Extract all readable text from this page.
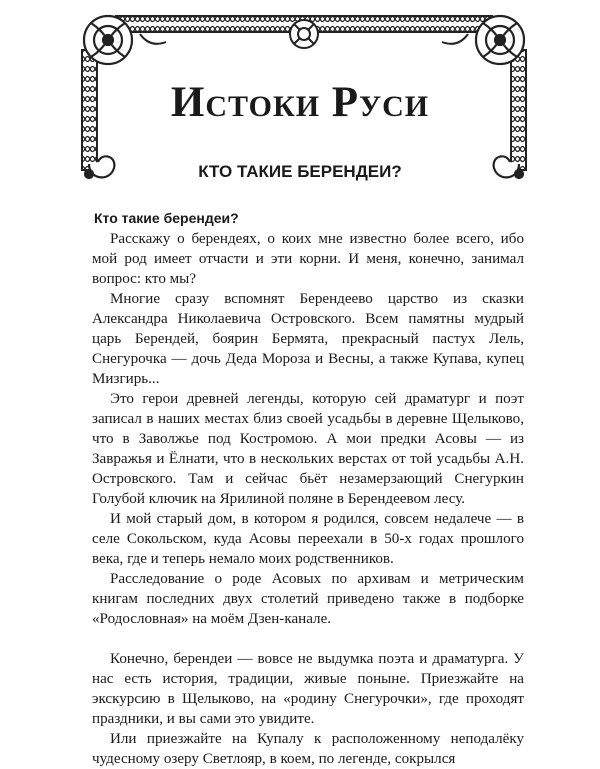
Истоки Руси
КТО ТАКИЕ БЕРЕНДЕИ?

Кто такие берендеи?

Расскажу о берендеях, о коих мне известно более всего, ибо мой род имеет отчасти и эти корни. И меня, конечно, занимал вопрос: кто мы?

Многие сразу вспомнят Берендеево царство из сказки Александра Николаевича Островского. Всем памятны мудрый царь Берендей, боярин Бермята, прекрасный пастух Лель, Снегурочка — дочь Деда Мороза и Весны, а также Купава, купец Мизгирь...

Это герои древней легенды, которую сей драматург и поэт записал в наших местах близ своей усадьбы в деревне Щелыково, что в Заволжье под Костромою. А мои предки Асовы — из Завражья и Ёлнати, что в нескольких верстах от той усадьбы А.Н. Островского. Там и сейчас бьёт незамерзающий Снегуркин Голубой ключик на Ярилиной поляне в Берендеевом лесу.

И мой старый дом, в котором я родился, совсем недалече — в селе Сокольском, куда Асовы переехали в 50-х годах прошлого века, где и теперь немало моих родственников.

Расследование о роде Асовых по архивам и метрическим книгам последних двух столетий приведено также в подборке «Родословная» на моём Дзен-канале.

Конечно, берендеи — вовсе не выдумка поэта и драматурга. У нас есть история, традиции, живые поныне. Приезжайте на экскурсию в Щелыково, на «родину Снегурочки», где проходят праздники, и вы сами это увидите.

Или приезжайте на Купалу к расположенному неподалёку чудесному озеру Светлояр, в коем, по легенде, сокрылся
